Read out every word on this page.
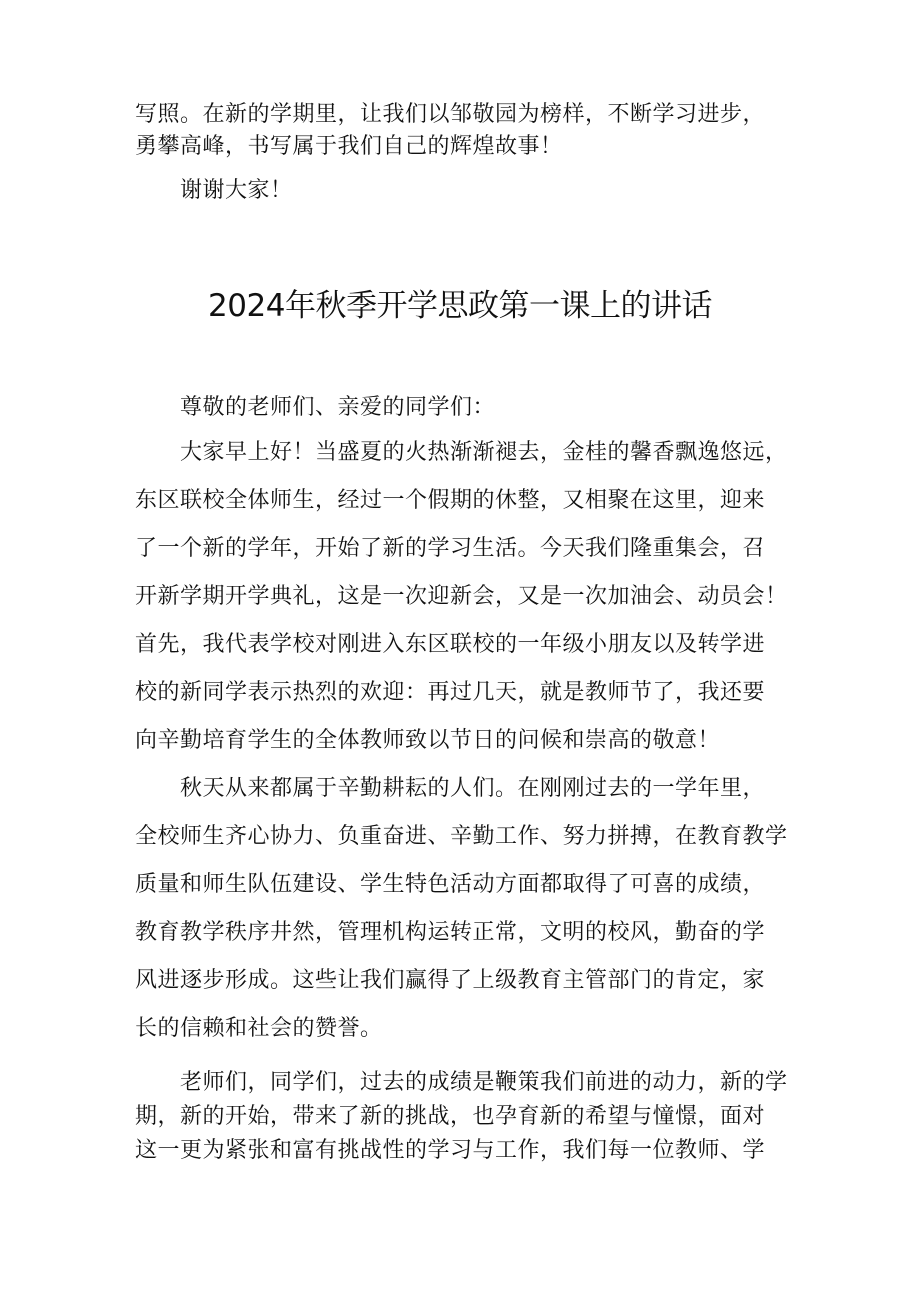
写照。在新的学期里，让我们以邹敬园为榜样，不断学习进步，
勇攀高峰，书写属于我们自己的辉煌故事！
谢谢大家！
2024年秋季开学思政第一课上的讲话
尊敬的老师们、亲爱的同学们：
大家早上好！当盛夏的火热渐渐褪去，金桂的馨香飘逸悠远，
东区联校全体师生，经过一个假期的休整，又相聚在这里，迎来
了一个新的学年，开始了新的学习生活。今天我们隆重集会，召
开新学期开学典礼，这是一次迎新会，又是一次加油会、动员会！
首先，我代表学校对刚进入东区联校的一年级小朋友以及转学进
校的新同学表示热烈的欢迎：再过几天，就是教师节了，我还要
向辛勤培育学生的全体教师致以节日的问候和崇高的敬意！
秋天从来都属于辛勤耕耘的人们。在刚刚过去的一学年里，
全校师生齐心协力、负重奋进、辛勤工作、努力拼搏，在教育教学
质量和师生队伍建设、学生特色活动方面都取得了可喜的成绩，
教育教学秩序井然，管理机构运转正常，文明的校风，勤奋的学
风进逐步形成。这些让我们赢得了上级教育主管部门的肯定，家
长的信赖和社会的赞誉。
老师们，同学们，过去的成绩是鞭策我们前进的动力，新的学
期，新的开始，带来了新的挑战，也孕育新的希望与憧憬，面对
这一更为紧张和富有挑战性的学习与工作，我们每一位教师、学
